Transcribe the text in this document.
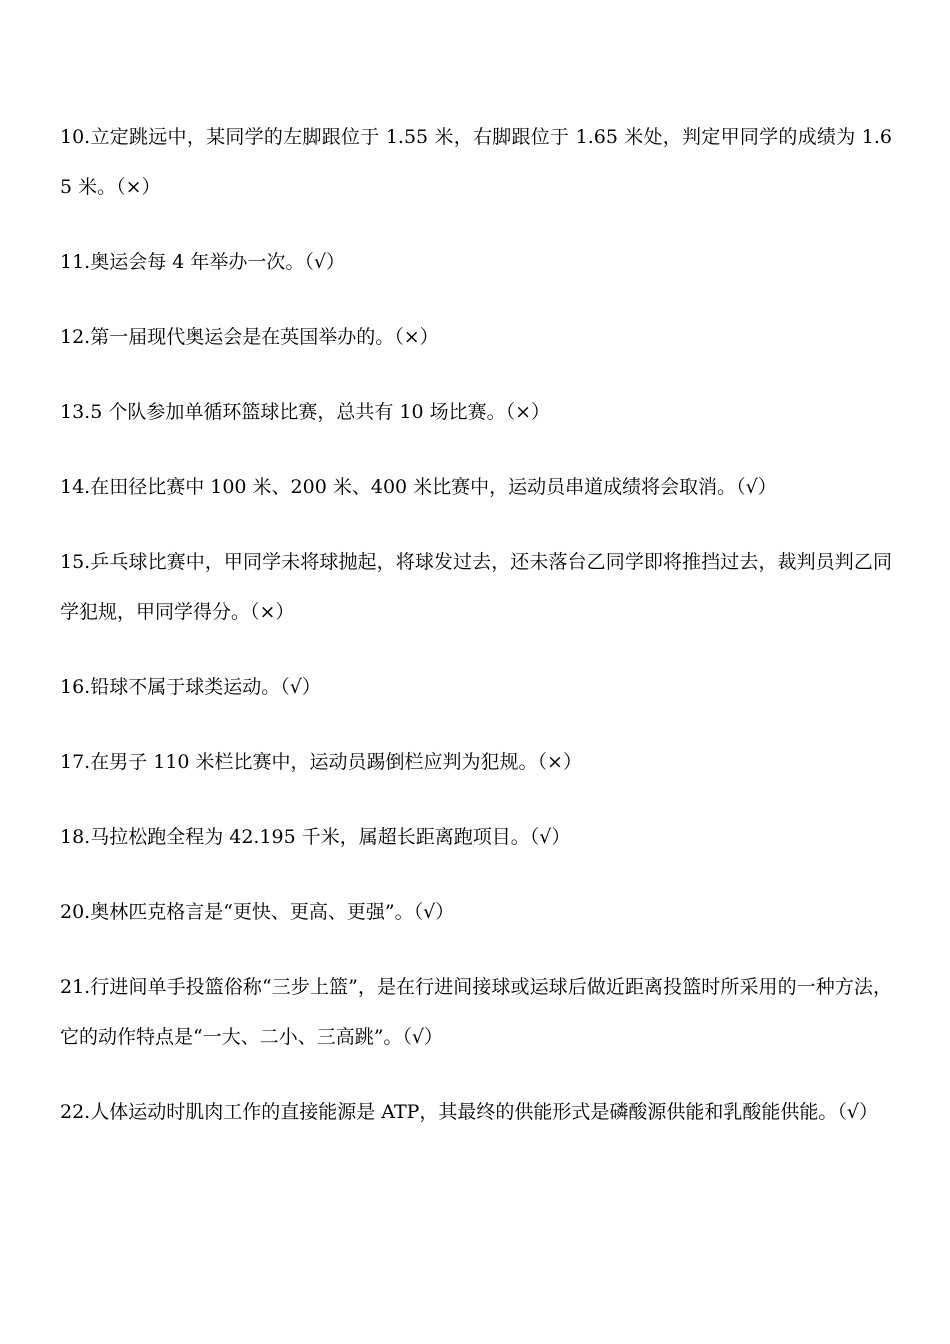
10.立定跳远中，某同学的左脚跟位于 1.55 米，右脚跟位于 1.65 米处，判定甲同学的成绩为 1.65 米。（×）

11.奥运会每 4 年举办一次。（√）

12.第一届现代奥运会是在英国举办的。（×）

13.5 个队参加单循环篮球比赛，总共有 10 场比赛。（×）

14.在田径比赛中 100 米、200 米、400 米比赛中，运动员串道成绩将会取消。（√）

15.乒乓球比赛中，甲同学未将球抛起，将球发过去，还未落台乙同学即将推挡过去，裁判员判乙同学犯规，甲同学得分。（×）

16.铅球不属于球类运动。（√）

17.在男子 110 米栏比赛中，运动员踢倒栏应判为犯规。（×）

18.马拉松跑全程为 42.195 千米，属超长距离跑项目。（√）

20.奥林匹克格言是“更快、更高、更强”。（√）

21.行进间单手投篮俗称“三步上篮”，是在行进间接球或运球后做近距离投篮时所采用的一种方法，它的动作特点是“一大、二小、三高跳”。（√）

22.人体运动时肌肉工作的直接能源是 ATP，其最终的供能形式是磷酸源供能和乳酸能供能。（√）
